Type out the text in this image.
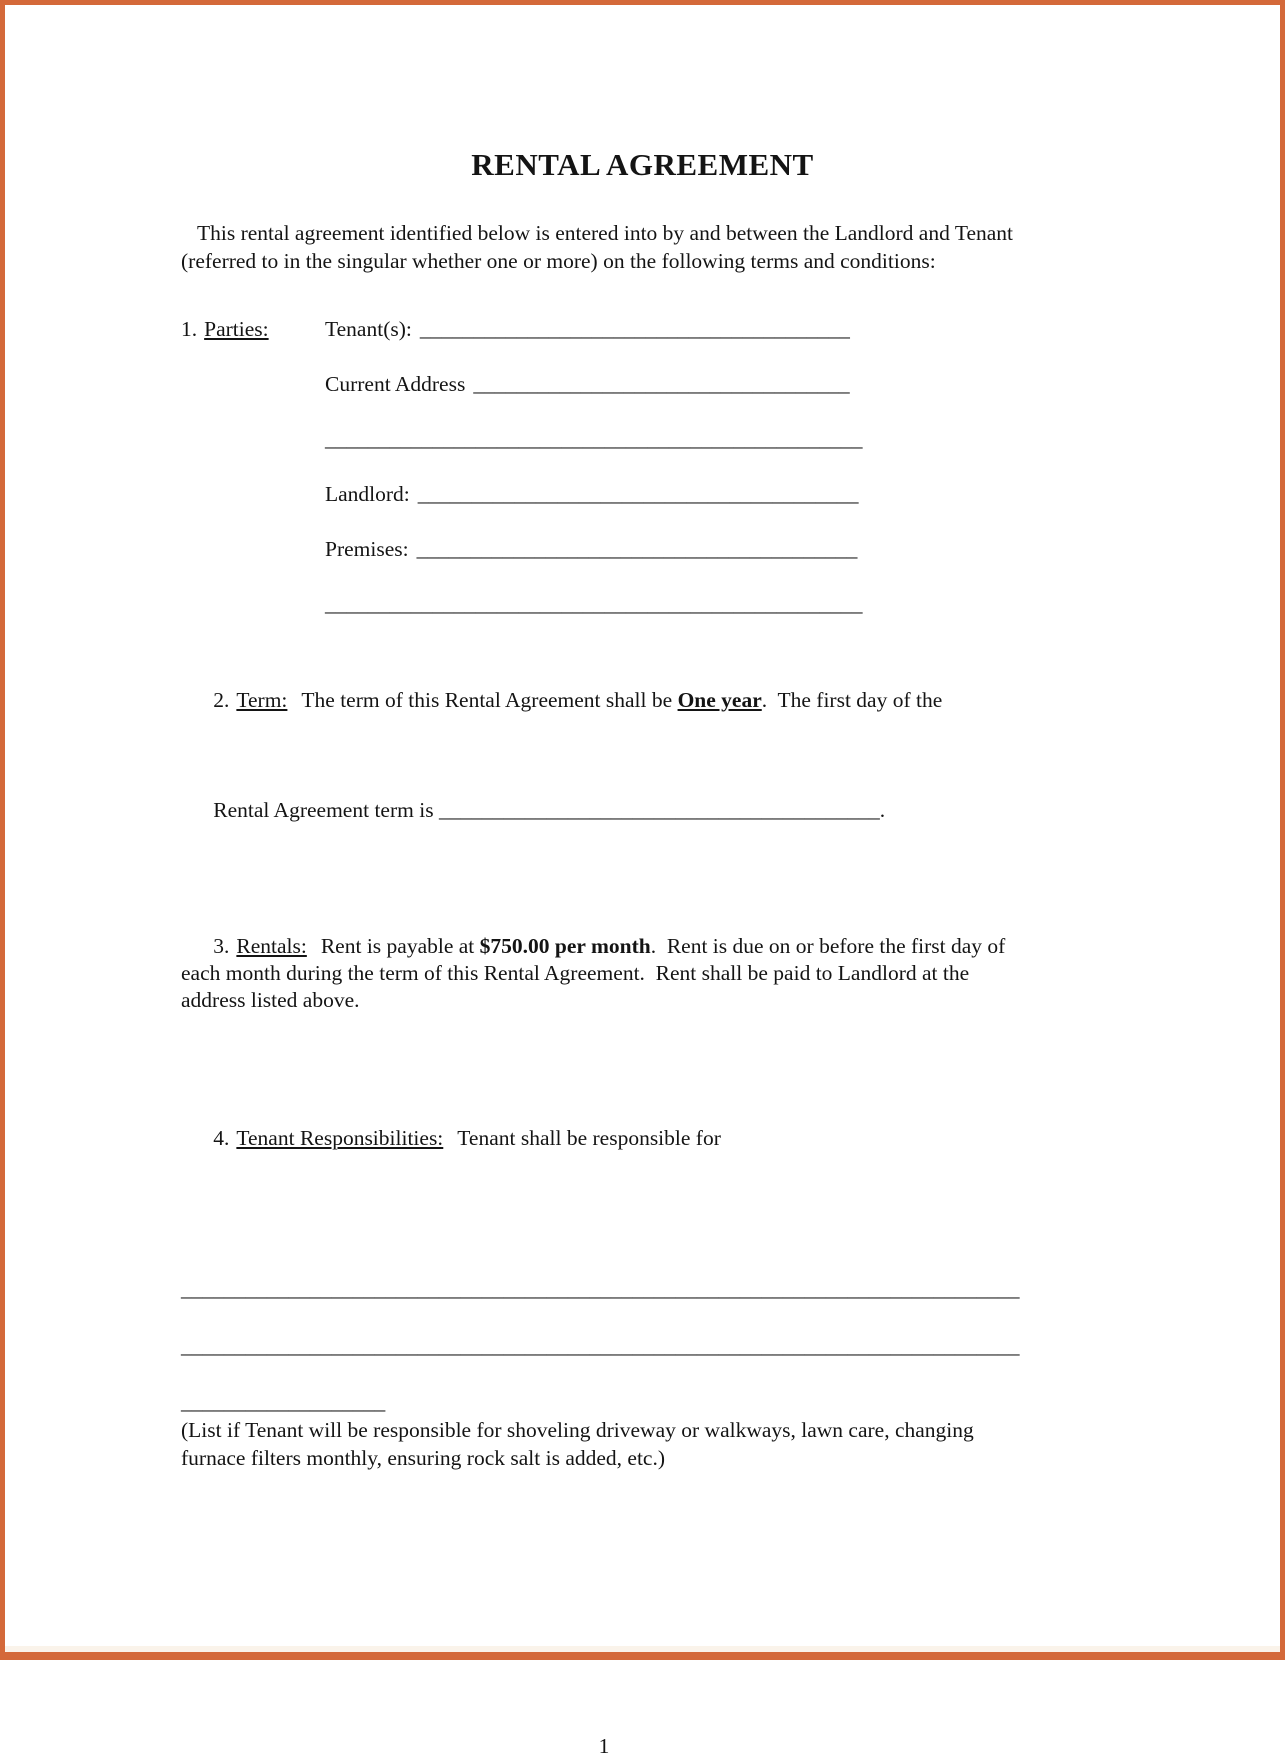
RENTAL AGREEMENT

This rental agreement identified below is entered into by and between the Landlord and Tenant (referred to in the singular whether one or more) on the following terms and conditions:

1. Parties:	Tenant(s): ________________________________________
Current Address ___________________________________
__________________________________________________
Landlord: _________________________________________
Premises: _________________________________________
__________________________________________________

2. Term: The term of this Rental Agreement shall be One year.  The first day of the

Rental Agreement term is _________________________________________.

3. Rentals: Rent is payable at $750.00 per month.  Rent is due on or before the first day of each month during the term of this Rental Agreement.  Rent shall be paid to Landlord at the address listed above.

4. Tenant Responsibilities: Tenant shall be responsible for

______________________________________________________________________________
______________________________________________________________________________
___________________

(List if Tenant will be responsible for shoveling driveway or walkways, lawn care, changing furnace filters monthly, ensuring rock salt is added, etc.)

1
